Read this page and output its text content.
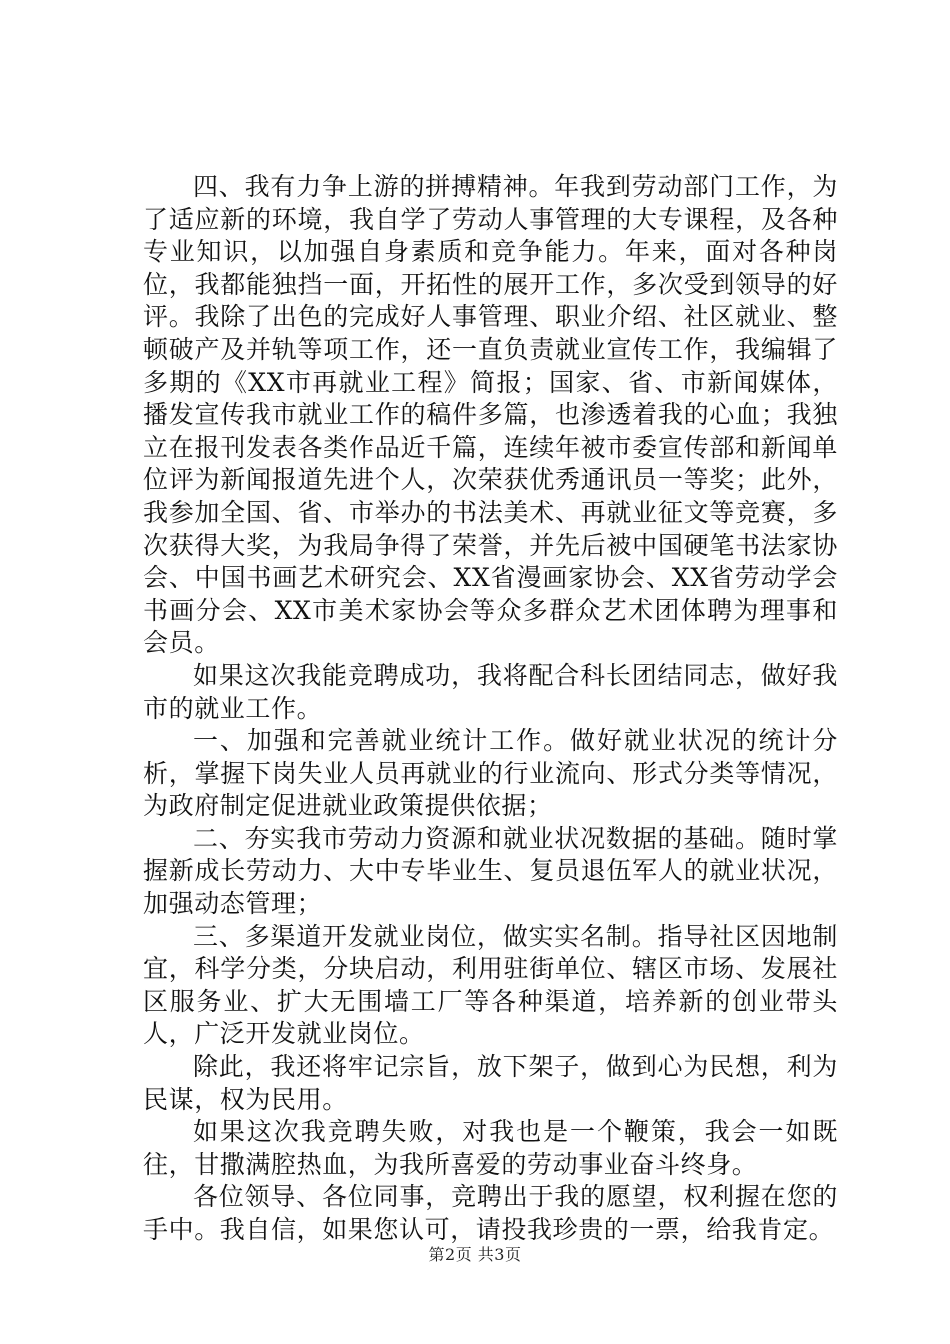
四、我有力争上游的拼搏精神。年我到劳动部门工作，为了适应新的环境，我自学了劳动人事管理的大专课程，及各种专业知识，以加强自身素质和竞争能力。年来，面对各种岗位，我都能独挡一面，开拓性的展开工作，多次受到领导的好评。我除了出色的完成好人事管理、职业介绍、社区就业、整顿破产及并轨等项工作，还一直负责就业宣传工作，我编辑了多期的《XX市再就业工程》简报；国家、省、市新闻媒体，播发宣传我市就业工作的稿件多篇，也渗透着我的心血；我独立在报刊发表各类作品近千篇，连续年被市委宣传部和新闻单位评为新闻报道先进个人，次荣获优秀通讯员一等奖；此外，我参加全国、省、市举办的书法美术、再就业征文等竞赛，多次获得大奖，为我局争得了荣誉，并先后被中国硬笔书法家协会、中国书画艺术研究会、XX省漫画家协会、XX省劳动学会书画分会、XX市美术家协会等众多群众艺术团体聘为理事和会员。

如果这次我能竞聘成功，我将配合科长团结同志，做好我市的就业工作。

一、加强和完善就业统计工作。做好就业状况的统计分析，掌握下岗失业人员再就业的行业流向、形式分类等情况，为政府制定促进就业政策提供依据；

二、夯实我市劳动力资源和就业状况数据的基础。随时掌握新成长劳动力、大中专毕业生、复员退伍军人的就业状况，加强动态管理；

三、多渠道开发就业岗位，做实实名制。指导社区因地制宜，科学分类，分块启动，利用驻街单位、辖区市场、发展社区服务业、扩大无围墙工厂等各种渠道，培养新的创业带头人，广泛开发就业岗位。

除此，我还将牢记宗旨，放下架子，做到心为民想，利为民谋，权为民用。

如果这次我竞聘失败，对我也是一个鞭策，我会一如既往，甘撒满腔热血，为我所喜爱的劳动事业奋斗终身。

各位领导、各位同事，竞聘出于我的愿望，权利握在您的手中。我自信，如果您认可，请投我珍贵的一票，给我肯定。

第2页 共3页
